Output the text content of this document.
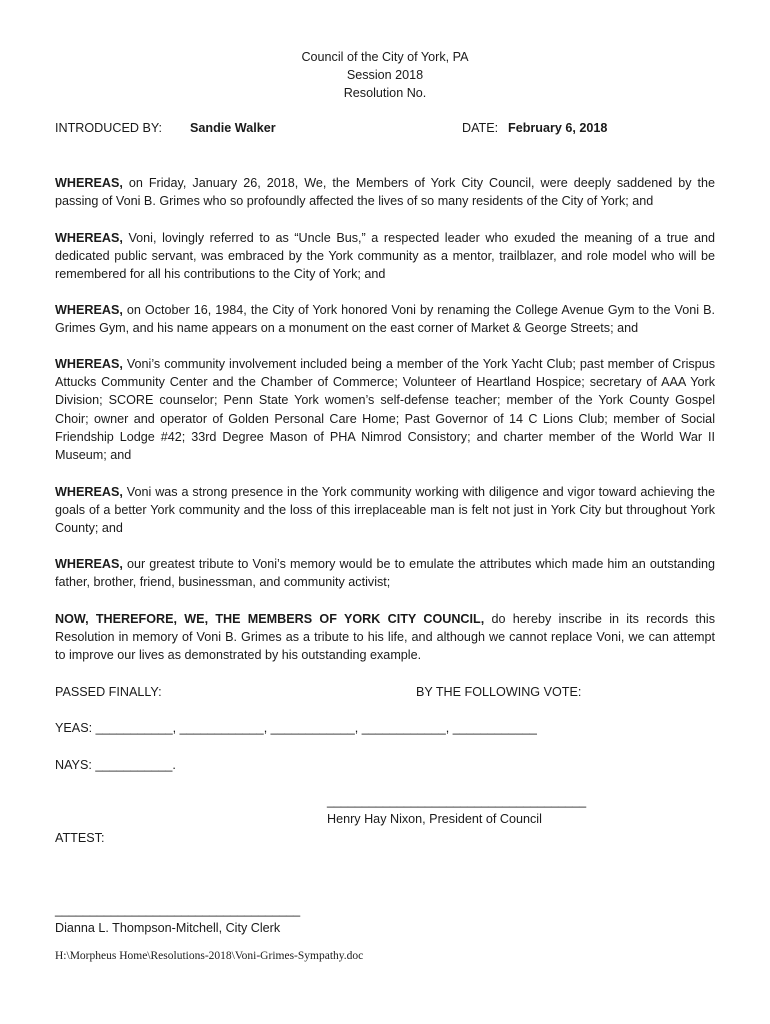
Council of the City of York, PA
Session 2018
Resolution No.
INTRODUCED BY: Sandie Walker	DATE: February 6, 2018

WHEREAS, on Friday, January 26, 2018, We, the Members of York City Council, were deeply saddened by the passing of Voni B. Grimes who so profoundly affected the lives of so many residents of the City of York; and

WHEREAS, Voni, lovingly referred to as “Uncle Bus,” a respected leader who exuded the meaning of a true and dedicated public servant, was embraced by the York community as a mentor, trailblazer, and role model who will be remembered for all his contributions to the City of York; and

WHEREAS, on October 16, 1984, the City of York honored Voni by renaming the College Avenue Gym to the Voni B. Grimes Gym, and his name appears on a monument on the east corner of Market & George Streets; and

WHEREAS, Voni’s community involvement included being a member of the York Yacht Club; past member of Crispus Attucks Community Center and the Chamber of Commerce; Volunteer of Heartland Hospice; secretary of AAA York Division; SCORE counselor; Penn State York women’s self-defense teacher; member of the York County Gospel Choir; owner and operator of Golden Personal Care Home; Past Governor of 14 C Lions Club; member of Social Friendship Lodge #42; 33rd Degree Mason of PHA Nimrod Consistory; and charter member of the World War II Museum; and

WHEREAS, Voni was a strong presence in the York community working with diligence and vigor toward achieving the goals of a better York community and the loss of this irreplaceable man is felt not just in York City but throughout York County; and

WHEREAS, our greatest tribute to Voni’s memory would be to emulate the attributes which made him an outstanding father, brother, friend, businessman, and community activist;

NOW, THEREFORE, WE, THE MEMBERS OF YORK CITY COUNCIL, do hereby inscribe in its records this Resolution in memory of Voni B. Grimes as a tribute to his life, and although we cannot replace Voni, we can attempt to improve our lives as demonstrated by his outstanding example.

PASSED FINALLY:	BY THE FOLLOWING VOTE:
YEAS: ___________, ____________, ____________, ____________, ____________
NAYS: ___________.
_____________________________________
Henry Hay Nixon, President of Council
ATTEST:
___________________________________
Dianna L. Thompson-Mitchell, City Clerk
H:\Morpheus Home\Resolutions-2018\Voni-Grimes-Sympathy.doc
